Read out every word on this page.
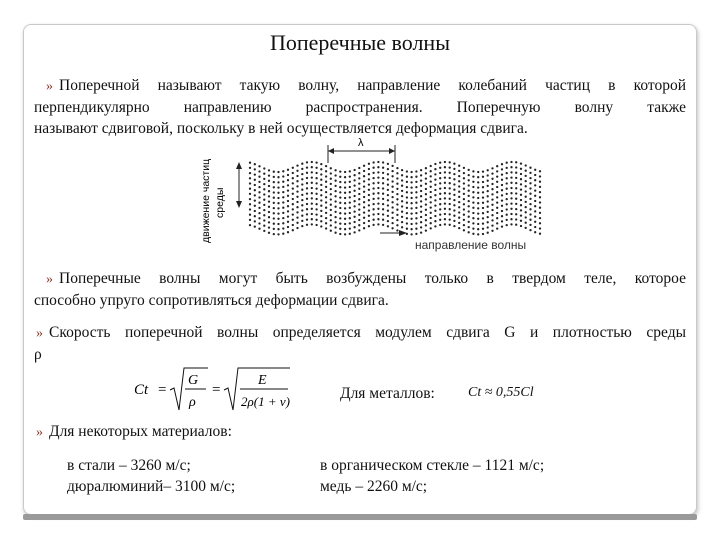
Поперечные волны
» Поперечной называют такую волну, направление колебаний частиц в которой
перпендикулярно направлению распространения. Поперечную волну также
называют сдвиговой, поскольку в ней осуществляется деформация сдвига.
λ
движение частиц среды
направление волны
» Поперечные волны могут быть возбуждены только в твердом теле, которое
способно упруго сопротивляться деформации сдвига.
» Скорость поперечной волны определяется модулем сдвига G и плотностью среды
ρ
Ct =
G
ρ
=
E
2ρ(1 + ν)	Для металлов: Ct ≈ 0,55Cl
» Для некоторых материалов:
в стали – 3260 м/с;	в органическом стекле – 1121 м/с;
дюралюминий– 3100 м/с;	медь – 2260 м/с;
